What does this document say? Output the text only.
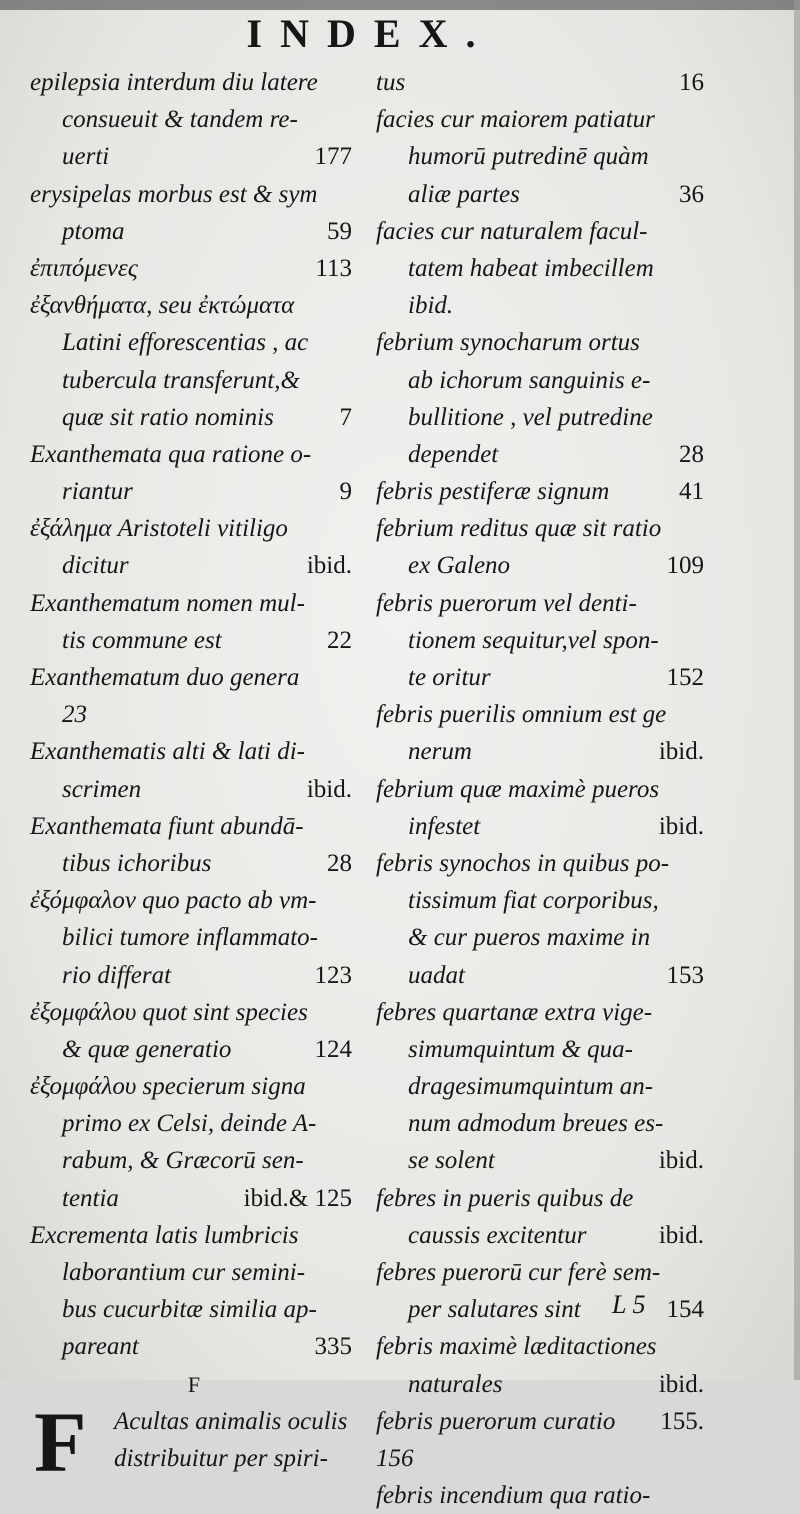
INDEX.
epilepsia interdum diu latere
consueuit & tandem re-
uerti	177
erysipelas morbus est & sym
ptoma	59
ἐπιπόμενες	113
ἐξανθήματα, seu ἐκτώματα
Latini efforescentias , ac
tubercula transferunt,&
quæ sit ratio nominis	7
Exanthemata qua ratione o-
riantur	9
ἐξάλημα Aristoteli vitiligo
dicitur	ibid.
Exanthematum nomen mul-
tis commune est	22
Exanthematum duo genera
23
Exanthematis alti & lati di-
scrimen	ibid.
Exanthemata fiunt abundā-
tibus ichoribus	28
ἐξόμφαλον quo pacto ab vm-
bilici tumore inflammato-
rio differat	123
ἐξομφάλου quot sint species
& quæ generatio	124
ἐξομφάλου specierum signa
primo ex Celsi, deinde A-
rabum, & Græcorū sen-
tentia	ibid.& 125
Excrementa latis lumbricis
laborantium cur semini-
bus cucurbitæ similia ap-
pareant	335
F
F Acultas animalis oculis
distribuitur per spiri-
tus	16
facies cur maiorem patiatur
humorū putredinē quàm
aliæ partes	36
facies cur naturalem facul-
tatem habeat imbecillem
ibid.
febrium synocharum ortus
ab ichorum sanguinis e-
bullitione , vel putredine
dependet	28
febris pestiferæ signum	41
febrium reditus quæ sit ratio
ex Galeno	109
febris puerorum vel denti-
tionem sequitur,vel spon-
te oritur	152
febris puerilis omnium est ge
nerum	ibid.
febrium quæ maximè pueros
infestet	ibid.
febris synochos in quibus po-
tissimum fiat corporibus,
& cur pueros maxime in
uadat	153
febres quartanæ extra vige-
simumquintum & qua-
dragesimumquintum an-
num admodum breues es-
se solent	ibid.
febres in pueris quibus de
caussis excitentur	ibid.
febres puerorū cur ferè sem-
per salutares sint	154
febris maximè læditactiones
naturales	ibid.
febris puerorum curatio 155.
156
febris incendium qua ratio-
L 5
